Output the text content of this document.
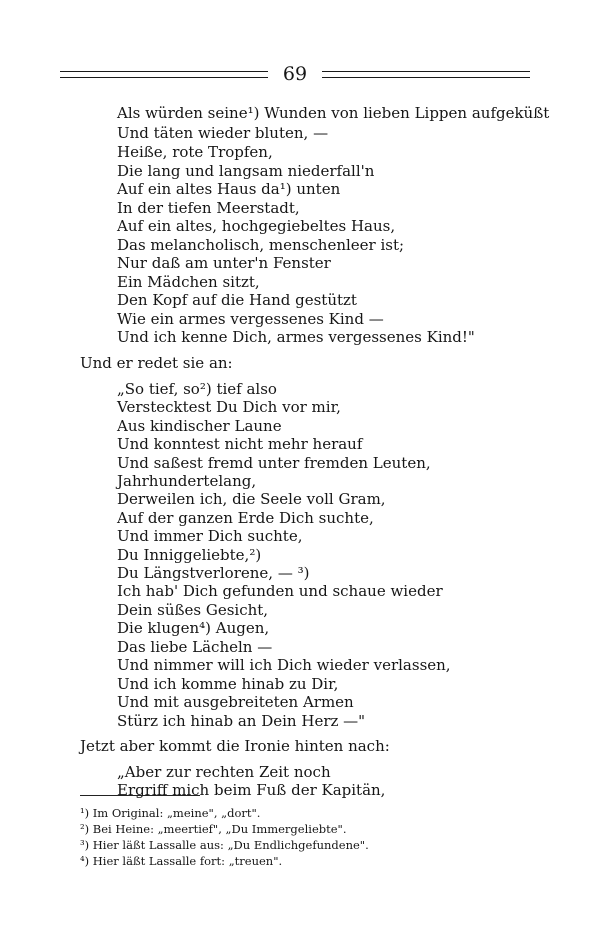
69
Als würden seine¹) Wunden von lieben Lippen aufgeküßt
Und täten wieder bluten, —
Heiße, rote Tropfen,
Die lang und langsam niederfall'n
Auf ein altes Haus da¹) unten
In der tiefen Meerstadt,
Auf ein altes, hochgegiebeltes Haus,
Das melancholisch, menschenleer ist;
Nur daß am unter'n Fenster
Ein Mädchen sitzt,
Den Kopf auf die Hand gestützt
Wie ein armes vergessenes Kind —
Und ich kenne Dich, armes vergessenes Kind!"
Und er redet sie an:
„So tief, so²) tief also
Verstecktest Du Dich vor mir,
Aus kindischer Laune
Und konntest nicht mehr herauf
Und saßest fremd unter fremden Leuten,
Jahrhundertelang,
Derweilen ich, die Seele voll Gram,
Auf der ganzen Erde Dich suchte,
Und immer Dich suchte,
Du Inniggeliebte,²)
Du Längstverlorene, — ³)
Ich hab' Dich gefunden und schaue wieder
Dein süßes Gesicht,
Die klugen⁴) Augen,
Das liebe Lächeln —
Und nimmer will ich Dich wieder verlassen,
Und ich komme hinab zu Dir,
Und mit ausgebreiteten Armen
Stürz ich hinab an Dein Herz —"
Jetzt aber kommt die Ironie hinten nach:
„Aber zur rechten Zeit noch
Ergriff mich beim Fuß der Kapitän,
¹) Im Original: „meine", „dort".
²) Bei Heine: „meertief", „Du Immergeliebte".
³) Hier läßt Lassalle aus: „Du Endlichgefundene".
⁴) Hier läßt Lassalle fort: „treuen".
